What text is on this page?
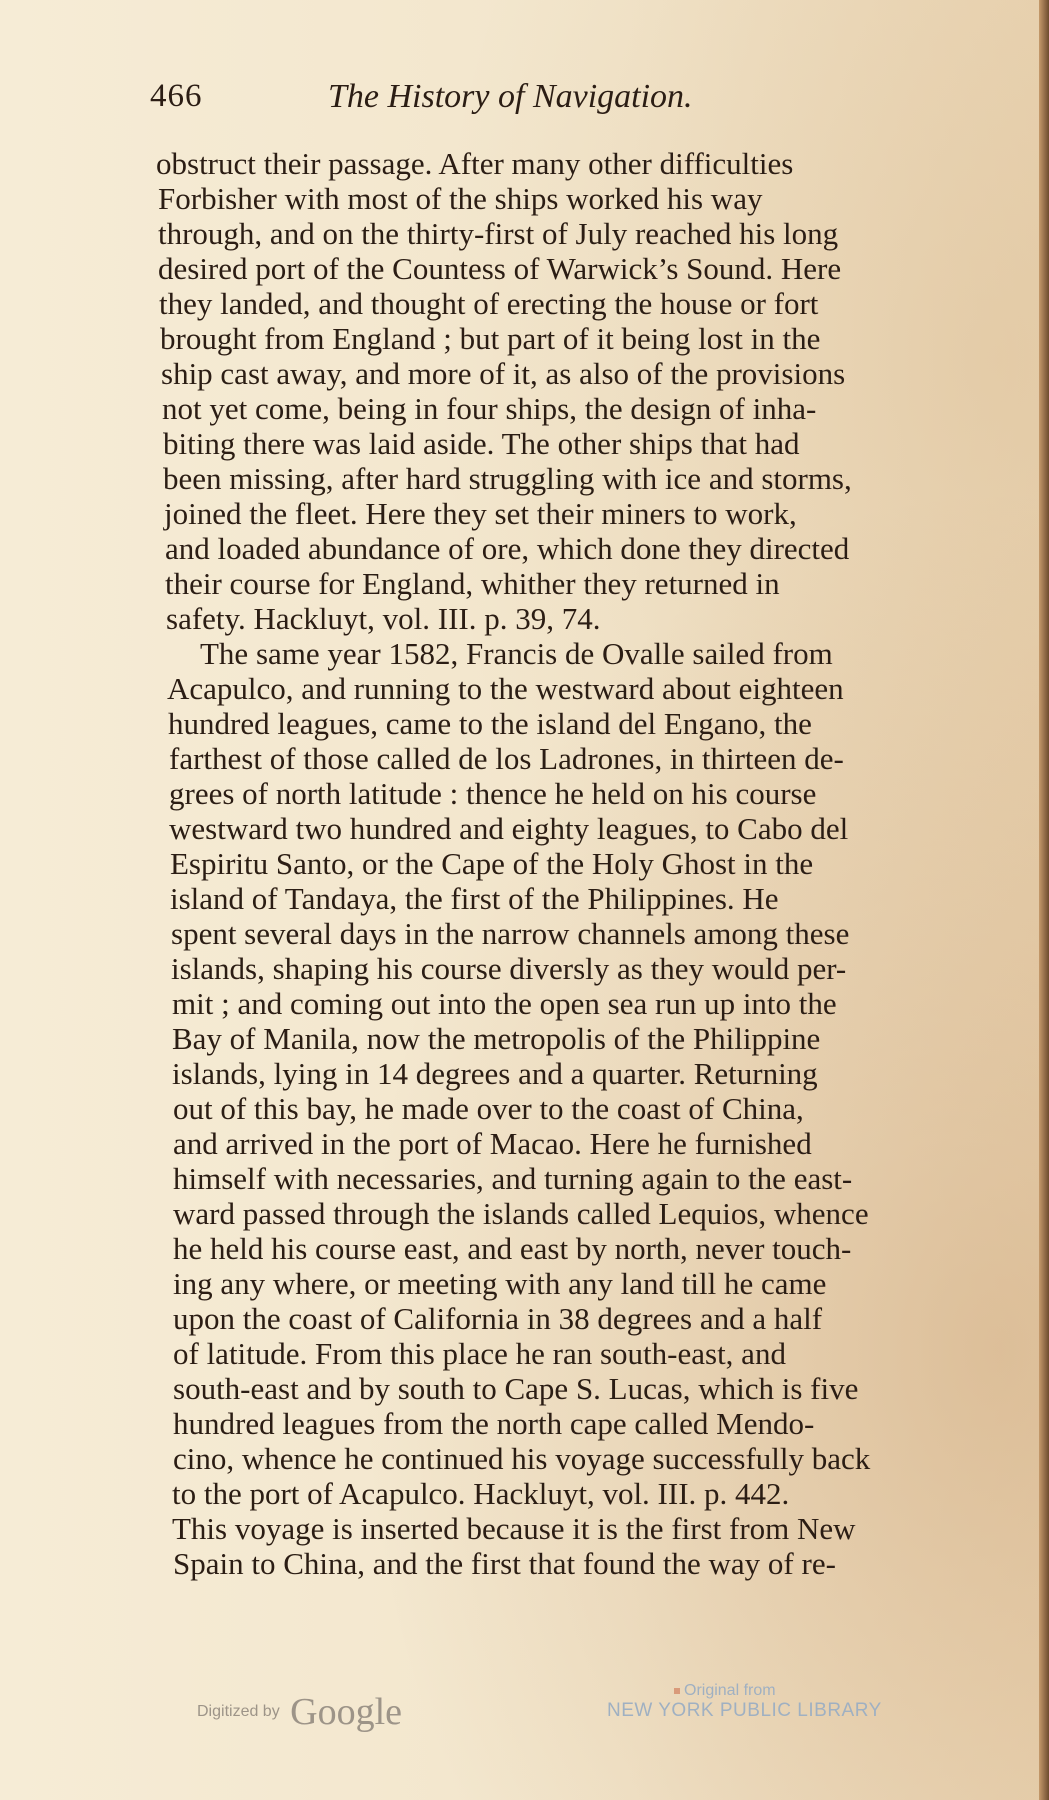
466	The History of Navigation.
obstruct their passage. After many other difficulties
Forbisher with most of the ships worked his way
through, and on the thirty-first of July reached his long
desired port of the Countess of Warwick’s Sound. Here
they landed, and thought of erecting the house or fort
brought from England ; but part of it being lost in the
ship cast away, and more of it, as also of the provisions
not yet come, being in four ships, the design of inha-
biting there was laid aside. The other ships that had
been missing, after hard struggling with ice and storms,
joined the fleet. Here they set their miners to work,
and loaded abundance of ore, which done they directed
their course for England, whither they returned in
safety. Hackluyt, vol. III. p. 39, 74.
The same year 1582, Francis de Ovalle sailed from
Acapulco, and running to the westward about eighteen
hundred leagues, came to the island del Engano, the
farthest of those called de los Ladrones, in thirteen de-
grees of north latitude : thence he held on his course
westward two hundred and eighty leagues, to Cabo del
Espiritu Santo, or the Cape of the Holy Ghost in the
island of Tandaya, the first of the Philippines. He
spent several days in the narrow channels among these
islands, shaping his course diversly as they would per-
mit ; and coming out into the open sea run up into the
Bay of Manila, now the metropolis of the Philippine
islands, lying in 14 degrees and a quarter. Returning
out of this bay, he made over to the coast of China,
and arrived in the port of Macao. Here he furnished
himself with necessaries, and turning again to the east-
ward passed through the islands called Lequios, whence
he held his course east, and east by north, never touch-
ing any where, or meeting with any land till he came
upon the coast of California in 38 degrees and a half
of latitude. From this place he ran south-east, and
south-east and by south to Cape S. Lucas, which is five
hundred leagues from the north cape called Mendo-
cino, whence he continued his voyage successfully back
to the port of Acapulco. Hackluyt, vol. III. p. 442.
This voyage is inserted because it is the first from New
Spain to China, and the first that found the way of re-
Digitized by Google
Original from
NEW YORK PUBLIC LIBRARY
